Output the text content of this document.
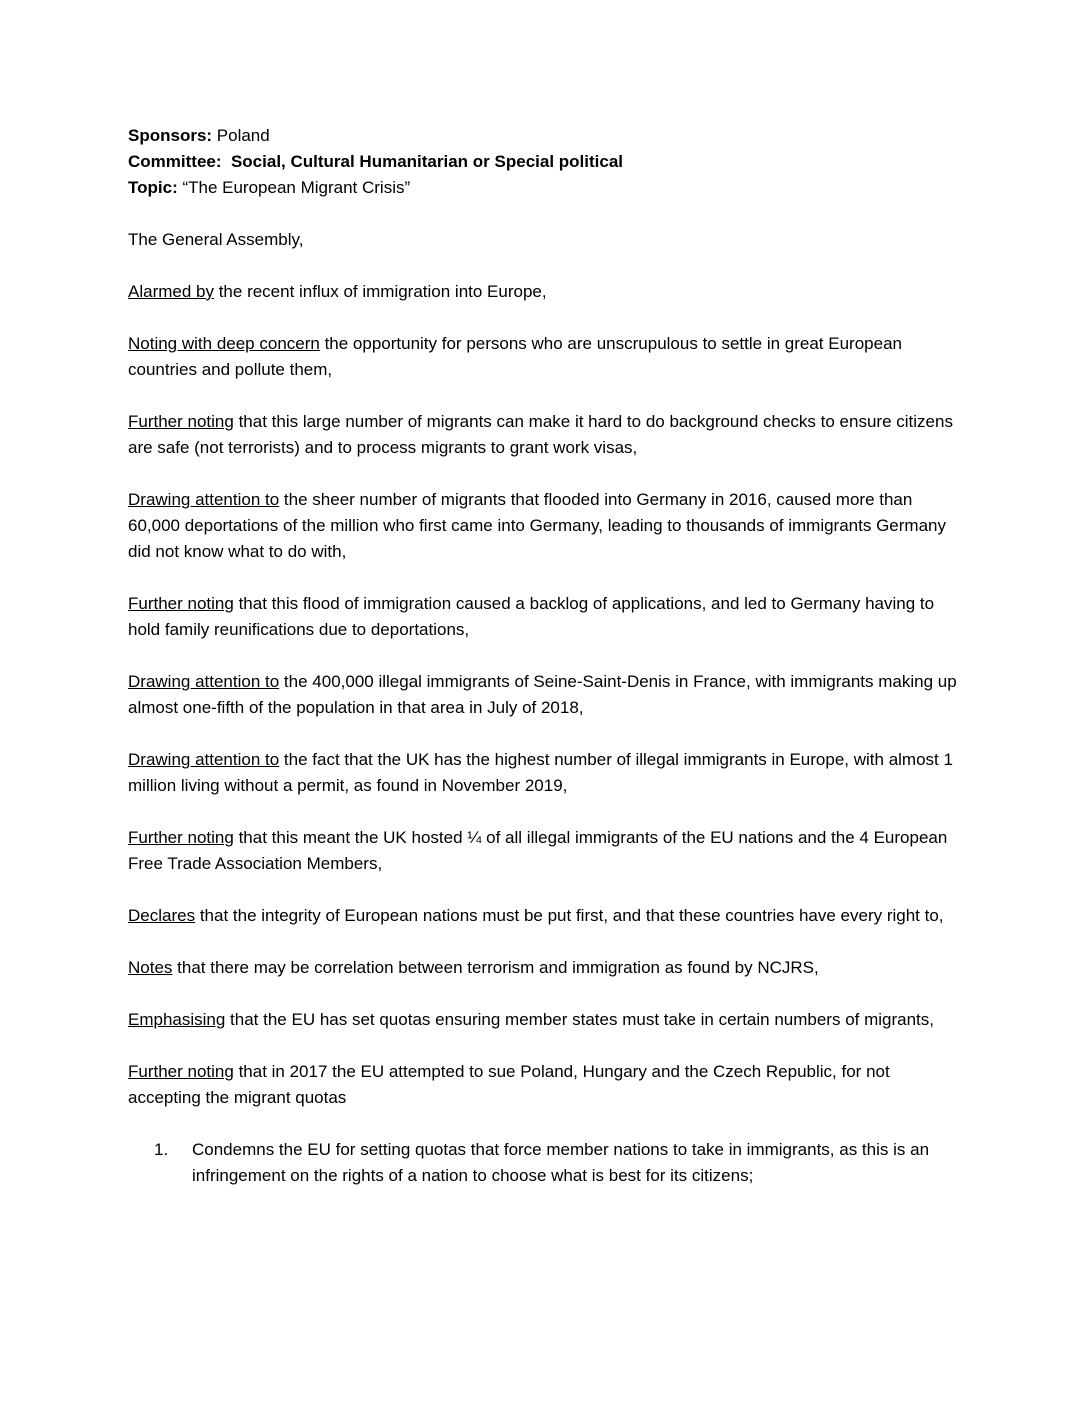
Sponsors: Poland

Committee:  Social, Cultural Humanitarian or Special political

Topic: “The European Migrant Crisis”

The General Assembly,

Alarmed by the recent influx of immigration into Europe,

Noting with deep concern the opportunity for persons who are unscrupulous to settle in great European countries and pollute them,

Further noting that this large number of migrants can make it hard to do background checks to ensure citizens are safe (not terrorists) and to process migrants to grant work visas,

Drawing attention to the sheer number of migrants that flooded into Germany in 2016, caused more than 60,000 deportations of the million who first came into Germany, leading to thousands of immigrants Germany did not know what to do with,

Further noting that this flood of immigration caused a backlog of applications, and led to Germany having to hold family reunifications due to deportations,

Drawing attention to the 400,000 illegal immigrants of Seine-Saint-Denis in France, with immigrants making up almost one-fifth of the population in that area in July of 2018,

Drawing attention to the fact that the UK has the highest number of illegal immigrants in Europe, with almost 1 million living without a permit, as found in November 2019,

Further noting that this meant the UK hosted ¼ of all illegal immigrants of the EU nations and the 4 European Free Trade Association Members,

Declares that the integrity of European nations must be put first, and that these countries have every right to,

Notes that there may be correlation between terrorism and immigration as found by NCJRS,

Emphasising that the EU has set quotas ensuring member states must take in certain numbers of migrants,

Further noting that in 2017 the EU attempted to sue Poland, Hungary and the Czech Republic, for not accepting the migrant quotas

1.	Condemns the EU for setting quotas that force member nations to take in immigrants, as this is an infringement on the rights of a nation to choose what is best for its citizens;
